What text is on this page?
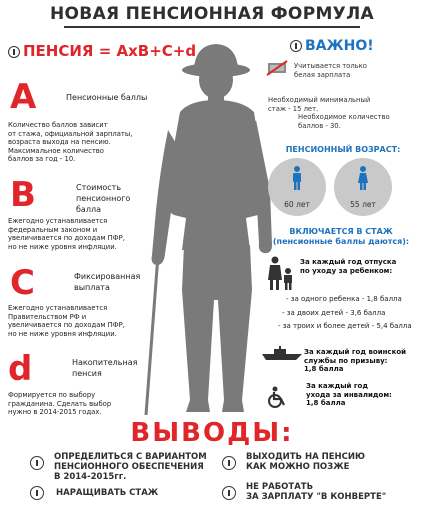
НОВАЯ ПЕНСИОННАЯ ФОРМУЛА
ПЕНСИЯ = AxB+C+d
A	Пенсионные баллы
Количество баллов зависит
от стажа, официальной зарплаты,
возраста выхода на пенсию.
Максимальное количество
баллов за год - 10.
B	Стоимость
пенсионного
балла
Ежегодно устанавливается
федеральным законом и
увеличивается по доходам ПФР,
но не ниже уровня инфляции.
C	Фиксированная
выплата
Ежегодно устанавливается
Правительством РФ и
увеличивается по доходам ПФР,
но не ниже уровня инфляции.
d	Накопительная
пенсия
Формируется по выбору
гражданина. Сделать выбор
нужно в 2014-2015 годах.
ВАЖНО!
Учитывается только
белая зарплата
Необходимый минимальный
стаж - 15 лет.
Необходимое количество
баллов - 30.
ПЕНСИОННЫЙ ВОЗРАСТ:
60 лет	55 лет
ВКЛЮЧАЕТСЯ В СТАЖ
(пенсионные баллы даются):
За каждый год отпуска
по уходу за ребенком:
- за одного ребенка - 1,8 балла
- за двоих детей - 3,6 балла
- за троих и более детей - 5,4 балла
За каждый год воинской
службы по призыву:
1,8 балла
За каждый год
ухода за инвалидом:
1,8 балла
ВЫВОДЫ:
ОПРЕДЕЛИТЬСЯ С ВАРИАНТОМ
ПЕНСИОННОГО ОБЕСПЕЧЕНИЯ
В 2014-2015гг.
ВЫХОДИТЬ НА ПЕНСИЮ
КАК МОЖНО ПОЗЖЕ
НАРАЩИВАТЬ СТАЖ
НЕ РАБОТАТЬ
ЗА ЗАРПЛАТУ "В КОНВЕРТЕ"
